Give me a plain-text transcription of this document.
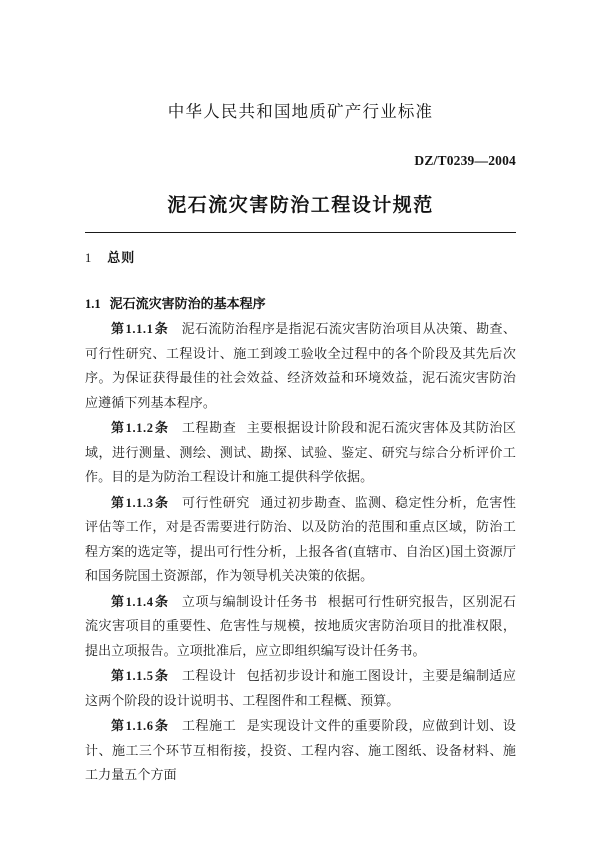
中华人民共和国地质矿产行业标准
DZ/T0239—2004
泥石流灾害防治工程设计规范
1 总则
1.1 泥石流灾害防治的基本程序

第1.1.1条 泥石流防治程序是指泥石流灾害防治项目从决策、勘查、可行性研究、工程设计、施工到竣工验收全过程中的各个阶段及其先后次序。为保证获得最佳的社会效益、经济效益和环境效益，泥石流灾害防治应遵循下列基本程序。

第1.1.2条 工程勘查 主要根据设计阶段和泥石流灾害体及其防治区域，进行测量、测绘、测试、勘探、试验、鉴定、研究与综合分析评价工作。目的是为防治工程设计和施工提供科学依据。

第1.1.3条 可行性研究 通过初步勘查、监测、稳定性分析，危害性评估等工作，对是否需要进行防治、以及防治的范围和重点区域，防治工程方案的选定等，提出可行性分析，上报各省(直辖市、自治区)国土资源厅和国务院国土资源部，作为领导机关决策的依据。

第1.1.4条 立项与编制设计任务书 根据可行性研究报告，区别泥石流灾害项目的重要性、危害性与规模，按地质灾害防治项目的批准权限，提出立项报告。立项批准后，应立即组织编写设计任务书。

第1.1.5条 工程设计 包括初步设计和施工图设计，主要是编制适应这两个阶段的设计说明书、工程图件和工程概、预算。

第1.1.6条 工程施工 是实现设计文件的重要阶段，应做到计划、设计、施工三个环节互相衔接，投资、工程内容、施工图纸、设备材料、施工力量五个方面
